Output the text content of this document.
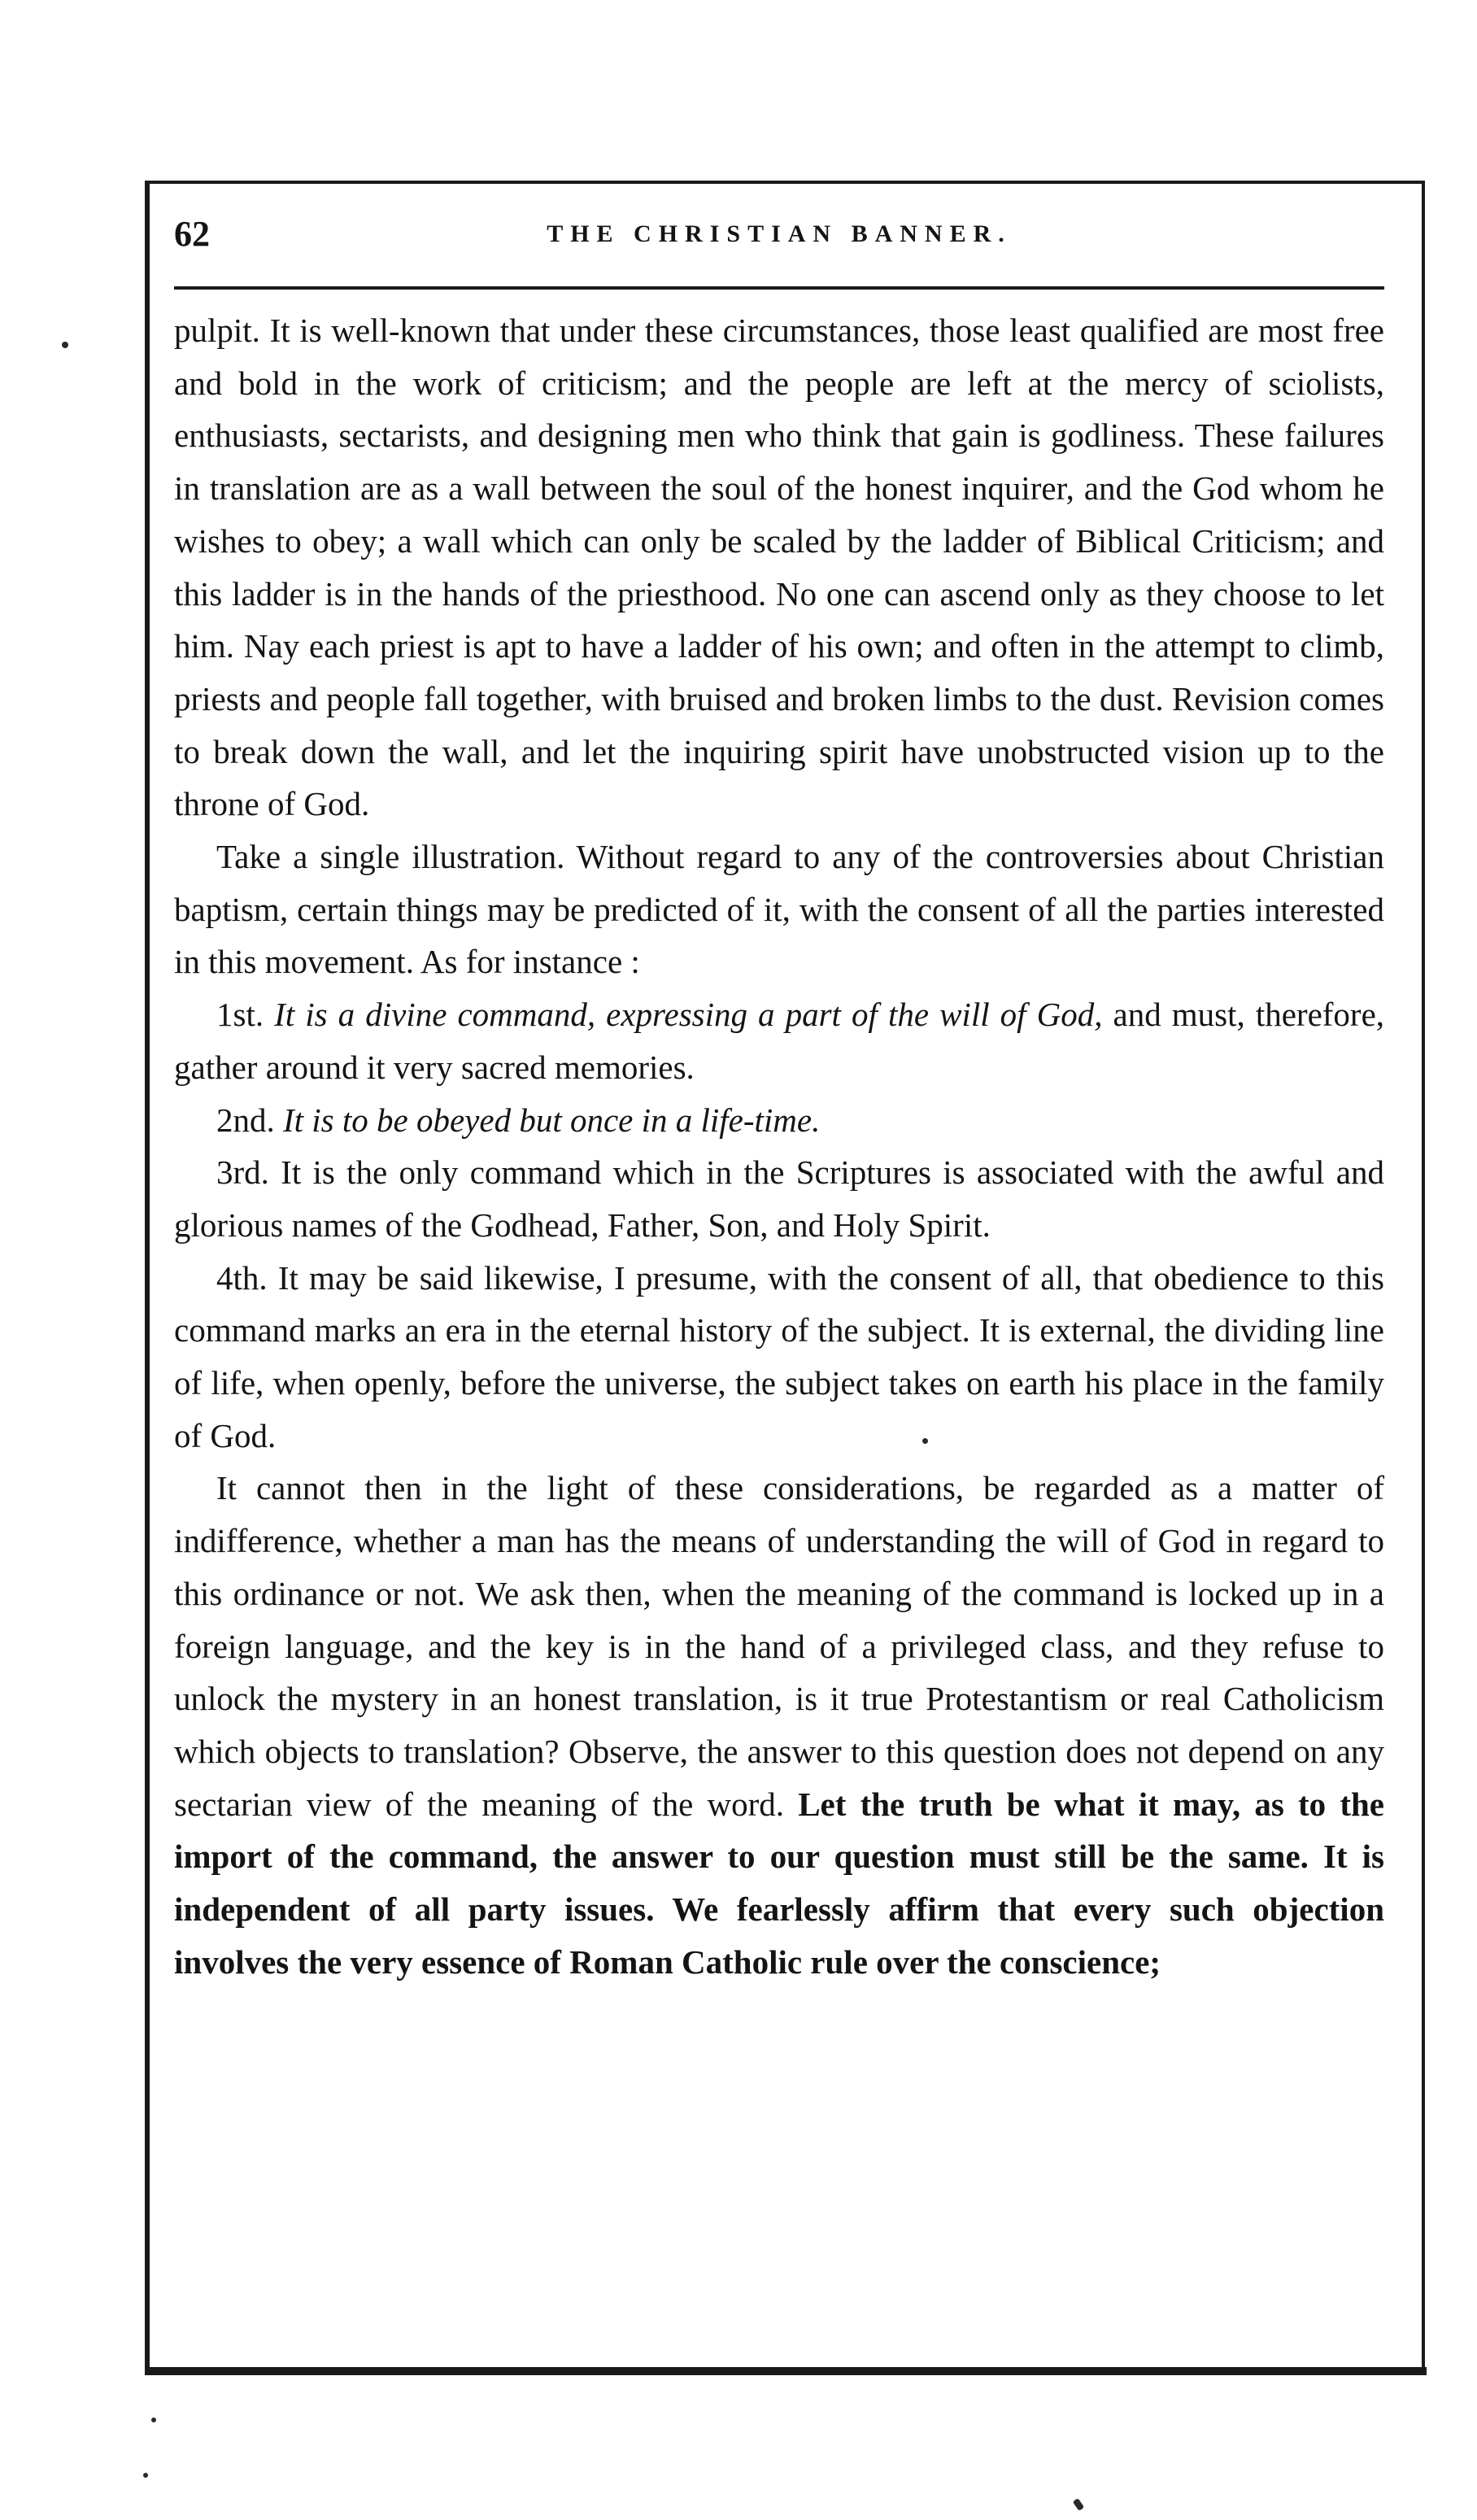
62	THE CHRISTIAN BANNER.

pulpit. It is well-known that under these circumstances, those least qualified are most free and bold in the work of criticism; and the people are left at the mercy of sciolists, enthusiasts, sectarists, and designing men who think that gain is godliness. These failures in translation are as a wall between the soul of the honest inquirer, and the God whom he wishes to obey; a wall which can only be scaled by the ladder of Biblical Criticism; and this ladder is in the hands of the priesthood. No one can ascend only as they choose to let him. Nay each priest is apt to have a ladder of his own; and often in the attempt to climb, priests and people fall together, with bruised and broken limbs to the dust. Revision comes to break down the wall, and let the inquiring spirit have unobstructed vision up to the throne of God.

Take a single illustration. Without regard to any of the controversies about Christian baptism, certain things may be predicted of it, with the consent of all the parties interested in this movement. As for instance :

1st. It is a divine command, expressing a part of the will of God, and must, therefore, gather around it very sacred memories.

2nd. It is to be obeyed but once in a life-time.

3rd. It is the only command which in the Scriptures is associated with the awful and glorious names of the Godhead, Father, Son, and Holy Spirit.

4th. It may be said likewise, I presume, with the consent of all, that obedience to this command marks an era in the eternal history of the subject. It is external, the dividing line of life, when openly, before the universe, the subject takes on earth his place in the family of God.

It cannot then in the light of these considerations, be regarded as a matter of indifference, whether a man has the means of understanding the will of God in regard to this ordinance or not. We ask then, when the meaning of the command is locked up in a foreign language, and the key is in the hand of a privileged class, and they refuse to unlock the mystery in an honest translation, is it true Protestantism or real Catholicism which objects to translation? Observe, the answer to this question does not depend on any sectarian view of the meaning of the word. Let the truth be what it may, as to the import of the command, the answer to our question must still be the same. It is independent of all party issues. We fearlessly affirm that every such objection involves the very essence of Roman Catholic rule over the conscience;
